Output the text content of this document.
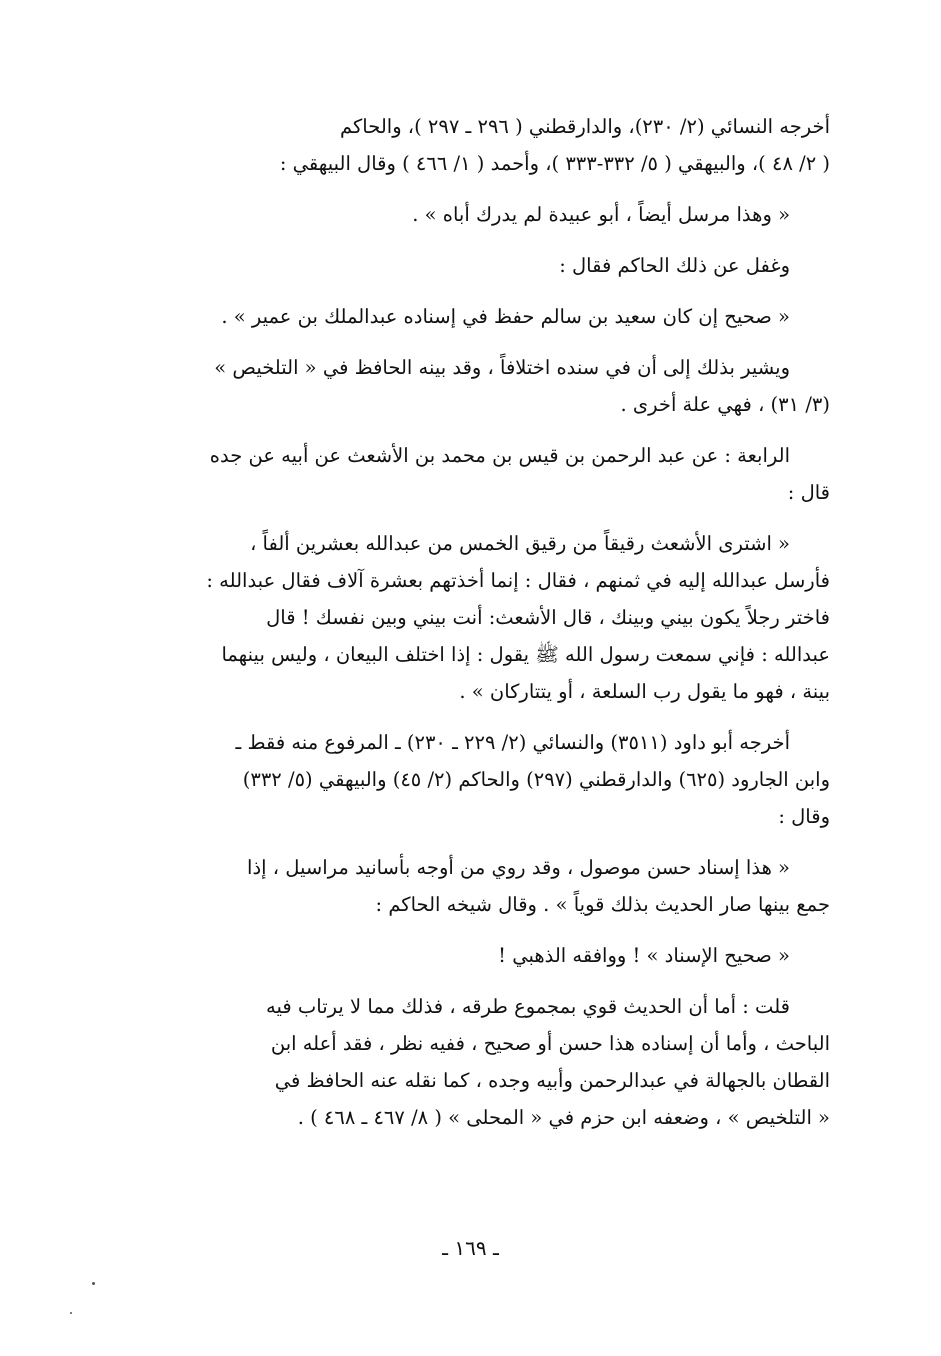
أخرجه النسائي (٢/ ٢٣٠)، والدارقطني ( ٢٩٦ ـ ٢٩٧ )، والحاكم
( ٢/ ٤٨ )، والبيهقي ( ٥/ ٣٣٢-٣٣٣ )، وأحمد ( ١/ ٤٦٦ ) وقال البيهقي :

« وهذا مرسل أيضاً ، أبو عبيدة لم يدرك أباه » .

وغفل عن ذلك الحاكم فقال :

« صحيح إن كان سعيد بن سالم حفظ في إسناده عبدالملك بن عمير » .

ويشير بذلك إلى أن في سنده اختلافاً ، وقد بينه الحافظ في « التلخيص »
(٣/ ٣١) ، فهي علة أخرى .

الرابعة : عن عبد الرحمن بن قيس بن محمد بن الأشعث عن أبيه عن جده
قال :

« اشترى الأشعث رقيقاً من رقيق الخمس من عبدالله بعشرين ألفاً ،
فأرسل عبدالله إليه في ثمنهم ، فقال : إنما أخذتهم بعشرة آلاف فقال عبدالله :
فاختر رجلاً يكون بيني وبينك ، قال الأشعث: أنت بيني وبين نفسك ! قال
عبدالله : فإني سمعت رسول الله ﷺ يقول : إذا اختلف البيعان ، وليس بينهما
بينة ، فهو ما يقول رب السلعة ، أو يتتاركان » .

أخرجه أبو داود (٣٥١١) والنسائي (٢/ ٢٢٩ ـ ٢٣٠) ـ المرفوع منه فقط ـ
وابن الجارود (٦٢٥) والدارقطني (٢٩٧) والحاكم (٢/ ٤٥) والبيهقي (٥/ ٣٣٢)
وقال :

« هذا إسناد حسن موصول ، وقد روي من أوجه بأسانيد مراسيل ، إذا
جمع بينها صار الحديث بذلك قوياً » . وقال شيخه الحاكم :

« صحيح الإسناد » ! ووافقه الذهبي !

قلت : أما أن الحديث قوي بمجموع طرقه ، فذلك مما لا يرتاب فيه
الباحث ، وأما أن إسناده هذا حسن أو صحيح ، ففيه نظر ، فقد أعله ابن
القطان بالجهالة في عبدالرحمن وأبيه وجده ، كما نقله عنه الحافظ في
« التلخيص » ، وضعفه ابن حزم في « المحلى » ( ٨/ ٤٦٧ ـ ٤٦٨ ) .

ـ ١٦٩ ـ
